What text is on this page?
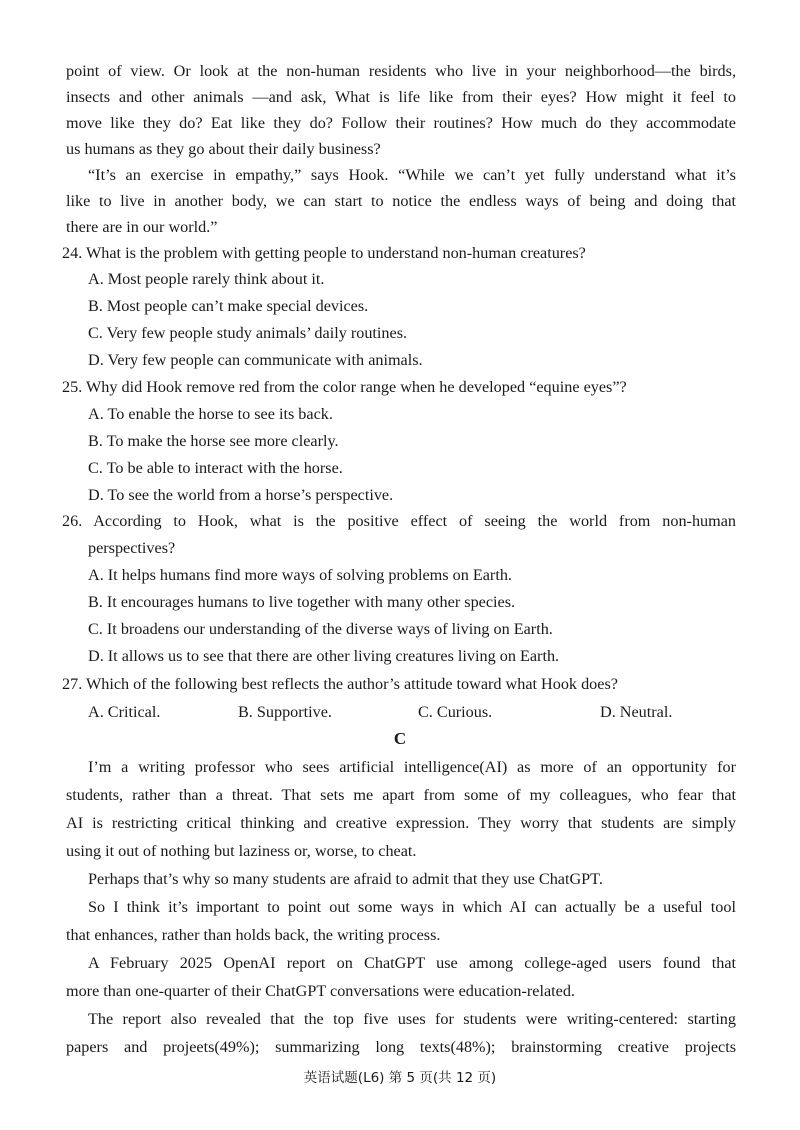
point of view. Or look at the non-human residents who live in your neighborhood—the birds,
insects and other animals —and ask, What is life like from their eyes? How might it feel to
move like they do? Eat like they do? Follow their routines? How much do they accommodate
us humans as they go about their daily business?
“It’s an exercise in empathy,” says Hook. “While we can’t yet fully understand what it’s
like to live in another body, we can start to notice the endless ways of being and doing that
there are in our world.”
24. What is the problem with getting people to understand non-human creatures?
A. Most people rarely think about it.
B. Most people can’t make special devices.
C. Very few people study animals’ daily routines.
D. Very few people can communicate with animals.
25. Why did Hook remove red from the color range when he developed “equine eyes”?
A. To enable the horse to see its back.
B. To make the horse see more clearly.
C. To be able to interact with the horse.
D. To see the world from a horse’s perspective.
26. According to Hook, what is the positive effect of seeing the world from non-human
perspectives?
A. It helps humans find more ways of solving problems on Earth.
B. It encourages humans to live together with many other species.
C. It broadens our understanding of the diverse ways of living on Earth.
D. It allows us to see that there are other living creatures living on Earth.
27. Which of the following best reflects the author’s attitude toward what Hook does?
A. Critical.	B. Supportive.	C. Curious.	D. Neutral.
C
I’m a writing professor who sees artificial intelligence(AI) as more of an opportunity for
students, rather than a threat. That sets me apart from some of my colleagues, who fear that
AI is restricting critical thinking and creative expression. They worry that students are simply
using it out of nothing but laziness or, worse, to cheat.
Perhaps that’s why so many students are afraid to admit that they use ChatGPT.
So I think it’s important to point out some ways in which AI can actually be a useful tool
that enhances, rather than holds back, the writing process.
A February 2025 OpenAI report on ChatGPT use among college-aged users found that
more than one-quarter of their ChatGPT conversations were education-related.
The report also revealed that the top five uses for students were writing-centered: starting
papers and projeets(49%); summarizing long texts(48%); brainstorming creative projects
英语试题(L6) 第 5 页(共 12 页)
